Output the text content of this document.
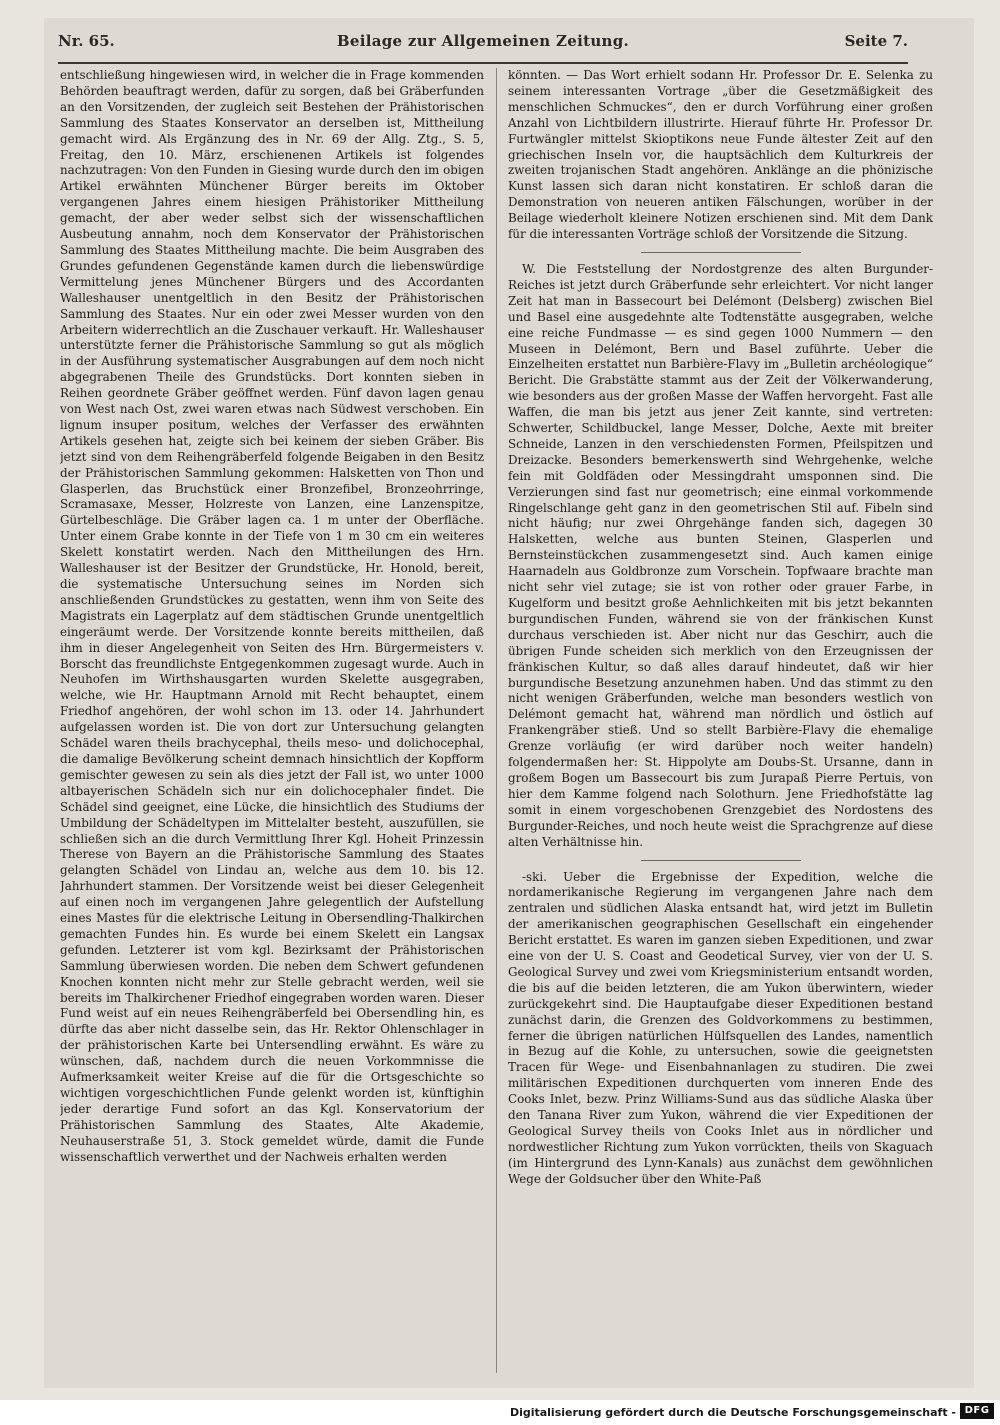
Nr. 65.	Beilage zur Allgemeinen Zeitung.	Seite 7.

entschließung hingewiesen wird, in welcher die in Frage kommenden Behörden beauftragt werden, dafür zu sorgen, daß bei Gräberfunden an den Vorsitzenden, der zugleich seit Bestehen der Prähistorischen Sammlung des Staates Konservator an derselben ist, Mittheilung gemacht wird. Als Ergänzung des in Nr. 69 der Allg. Ztg., S. 5, Freitag, den 10. März, erschienenen Artikels ist folgendes nachzutragen: Von den Funden in Giesing wurde durch den im obigen Artikel erwähnten Münchener Bürger bereits im Oktober vergangenen Jahres einem hiesigen Prähistoriker Mittheilung gemacht, der aber weder selbst sich der wissenschaftlichen Ausbeutung annahm, noch dem Konservator der Prähistorischen Sammlung des Staates Mittheilung machte. Die beim Ausgraben des Grundes gefundenen Gegenstände kamen durch die liebenswürdige Vermittelung jenes Münchener Bürgers und des Accordanten Walleshauser unentgeltlich in den Besitz der Prähistorischen Sammlung des Staates. Nur ein oder zwei Messer wurden von den Arbeitern widerrechtlich an die Zuschauer verkauft. Hr. Walleshauser unterstützte ferner die Prähistorische Sammlung so gut als möglich in der Ausführung systematischer Ausgrabungen auf dem noch nicht abgegrabenen Theile des Grundstücks. Dort konnten sieben in Reihen geordnete Gräber geöffnet werden. Fünf davon lagen genau von West nach Ost, zwei waren etwas nach Südwest verschoben. Ein lignum insuper positum, welches der Verfasser des erwähnten Artikels gesehen hat, zeigte sich bei keinem der sieben Gräber. Bis jetzt sind von dem Reihengräberfeld folgende Beigaben in den Besitz der Prähistorischen Sammlung gekommen: Halsketten von Thon und Glasperlen, das Bruchstück einer Bronzefibel, Bronzeohrringe, Scramasaxe, Messer, Holzreste von Lanzen, eine Lanzenspitze, Gürtelbeschläge. Die Gräber lagen ca. 1 m unter der Oberfläche. Unter einem Grabe konnte in der Tiefe von 1 m 30 cm ein weiteres Skelett konstatirt werden. Nach den Mittheilungen des Hrn. Walleshauser ist der Besitzer der Grundstücke, Hr. Honold, bereit, die systematische Untersuchung seines im Norden sich anschließenden Grundstückes zu gestatten, wenn ihm von Seite des Magistrats ein Lagerplatz auf dem städtischen Grunde unentgeltlich eingeräumt werde. Der Vorsitzende konnte bereits mittheilen, daß ihm in dieser Angelegenheit von Seiten des Hrn. Bürgermeisters v. Borscht das freundlichste Entgegenkommen zugesagt wurde. Auch in Neuhofen im Wirthshausgarten wurden Skelette ausgegraben, welche, wie Hr. Hauptmann Arnold mit Recht behauptet, einem Friedhof angehören, der wohl schon im 13. oder 14. Jahrhundert aufgelassen worden ist. Die von dort zur Untersuchung gelangten Schädel waren theils brachycephal, theils meso- und dolichocephal, die damalige Bevölkerung scheint demnach hinsichtlich der Kopfform gemischter gewesen zu sein als dies jetzt der Fall ist, wo unter 1000 altbayerischen Schädeln sich nur ein dolichocephaler findet. Die Schädel sind geeignet, eine Lücke, die hinsichtlich des Studiums der Umbildung der Schädeltypen im Mittelalter besteht, auszufüllen, sie schließen sich an die durch Vermittlung Ihrer Kgl. Hoheit Prinzessin Therese von Bayern an die Prähistorische Sammlung des Staates gelangten Schädel von Lindau an, welche aus dem 10. bis 12. Jahrhundert stammen. Der Vorsitzende weist bei dieser Gelegenheit auf einen noch im vergangenen Jahre gelegentlich der Aufstellung eines Mastes für die elektrische Leitung in Obersendling-Thalkirchen gemachten Fundes hin. Es wurde bei einem Skelett ein Langsax gefunden. Letzterer ist vom kgl. Bezirksamt der Prähistorischen Sammlung überwiesen worden. Die neben dem Schwert gefundenen Knochen konnten nicht mehr zur Stelle gebracht werden, weil sie bereits im Thalkirchener Friedhof eingegraben worden waren. Dieser Fund weist auf ein neues Reihengräberfeld bei Obersendling hin, es dürfte das aber nicht dasselbe sein, das Hr. Rektor Ohlenschlager in der prähistorischen Karte bei Untersendling erwähnt. Es wäre zu wünschen, daß, nachdem durch die neuen Vorkommnisse die Aufmerksamkeit weiter Kreise auf die für die Ortsgeschichte so wichtigen vorgeschichtlichen Funde gelenkt worden ist, künftighin jeder derartige Fund sofort an das Kgl. Konservatorium der Prähistorischen Sammlung des Staates, Alte Akademie, Neuhauserstraße 51, 3. Stock gemeldet würde, damit die Funde wissenschaftlich verwerthet und der Nachweis erhalten werden

könnten. — Das Wort erhielt sodann Hr. Professor Dr. E. Selenka zu seinem interessanten Vortrage „über die Gesetzmäßigkeit des menschlichen Schmuckes“, den er durch Vorführung einer großen Anzahl von Lichtbildern illustrirte. Hierauf führte Hr. Professor Dr. Furtwängler mittelst Skioptikons neue Funde ältester Zeit auf den griechischen Inseln vor, die hauptsächlich dem Kulturkreis der zweiten trojanischen Stadt angehören. Anklänge an die phönizische Kunst lassen sich daran nicht konstatiren. Er schloß daran die Demonstration von neueren antiken Fälschungen, worüber in der Beilage wiederholt kleinere Notizen erschienen sind. Mit dem Dank für die interessanten Vorträge schloß der Vorsitzende die Sitzung.

W. Die Feststellung der Nordostgrenze des alten Burgunder-Reiches ist jetzt durch Gräberfunde sehr erleichtert. Vor nicht langer Zeit hat man in Bassecourt bei Delémont (Delsberg) zwischen Biel und Basel eine ausgedehnte alte Todtenstätte ausgegraben, welche eine reiche Fundmasse — es sind gegen 1000 Nummern — den Museen in Delémont, Bern und Basel zuführte. Ueber die Einzelheiten erstattet nun Barbière-Flavy im „Bulletin archéologique“ Bericht. Die Grabstätte stammt aus der Zeit der Völkerwanderung, wie besonders aus der großen Masse der Waffen hervorgeht. Fast alle Waffen, die man bis jetzt aus jener Zeit kannte, sind vertreten: Schwerter, Schildbuckel, lange Messer, Dolche, Aexte mit breiter Schneide, Lanzen in den verschiedensten Formen, Pfeilspitzen und Dreizacke. Besonders bemerkenswerth sind Wehrgehenke, welche fein mit Goldfäden oder Messingdraht umsponnen sind. Die Verzierungen sind fast nur geometrisch; eine einmal vorkommende Ringelschlange geht ganz in den geometrischen Stil auf. Fibeln sind nicht häufig; nur zwei Ohrgehänge fanden sich, dagegen 30 Halsketten, welche aus bunten Steinen, Glasperlen und Bernsteinstückchen zusammengesetzt sind. Auch kamen einige Haarnadeln aus Goldbronze zum Vorschein. Topfwaare brachte man nicht sehr viel zutage; sie ist von rother oder grauer Farbe, in Kugelform und besitzt große Aehnlichkeiten mit bis jetzt bekannten burgundischen Funden, während sie von der fränkischen Kunst durchaus verschieden ist. Aber nicht nur das Geschirr, auch die übrigen Funde scheiden sich merklich von den Erzeugnissen der fränkischen Kultur, so daß alles darauf hindeutet, daß wir hier burgundische Besetzung anzunehmen haben. Und das stimmt zu den nicht wenigen Gräberfunden, welche man besonders westlich von Delémont gemacht hat, während man nördlich und östlich auf Frankengräber stieß. Und so stellt Barbière-Flavy die ehemalige Grenze vorläufig (er wird darüber noch weiter handeln) folgendermaßen her: St. Hippolyte am Doubs-St. Ursanne, dann in großem Bogen um Bassecourt bis zum Jurapaß Pierre Pertuis, von hier dem Kamme folgend nach Solothurn. Jene Friedhofstätte lag somit in einem vorgeschobenen Grenzgebiet des Nordostens des Burgunder-Reiches, und noch heute weist die Sprachgrenze auf diese alten Verhältnisse hin.

-ski. Ueber die Ergebnisse der Expedition, welche die nordamerikanische Regierung im vergangenen Jahre nach dem zentralen und südlichen Alaska entsandt hat, wird jetzt im Bulletin der amerikanischen geographischen Gesellschaft ein eingehender Bericht erstattet. Es waren im ganzen sieben Expeditionen, und zwar eine von der U. S. Coast and Geodetical Survey, vier von der U. S. Geological Survey und zwei vom Kriegsministerium entsandt worden, die bis auf die beiden letzteren, die am Yukon überwintern, wieder zurückgekehrt sind. Die Hauptaufgabe dieser Expeditionen bestand zunächst darin, die Grenzen des Goldvorkommens zu bestimmen, ferner die übrigen natürlichen Hülfsquellen des Landes, namentlich in Bezug auf die Kohle, zu untersuchen, sowie die geeignetsten Tracen für Wege- und Eisenbahnanlagen zu studiren. Die zwei militärischen Expeditionen durchquerten vom inneren Ende des Cooks Inlet, bezw. Prinz Williams-Sund aus das südliche Alaska über den Tanana River zum Yukon, während die vier Expeditionen der Geological Survey theils von Cooks Inlet aus in nördlicher und nordwestlicher Richtung zum Yukon vorrückten, theils von Skaguach (im Hintergrund des Lynn-Kanals) aus zunächst dem gewöhnlichen Wege der Goldsucher über den White-Paß

Digitalisierung gefördert durch die Deutsche Forschungsgemeinschaft - DFG
